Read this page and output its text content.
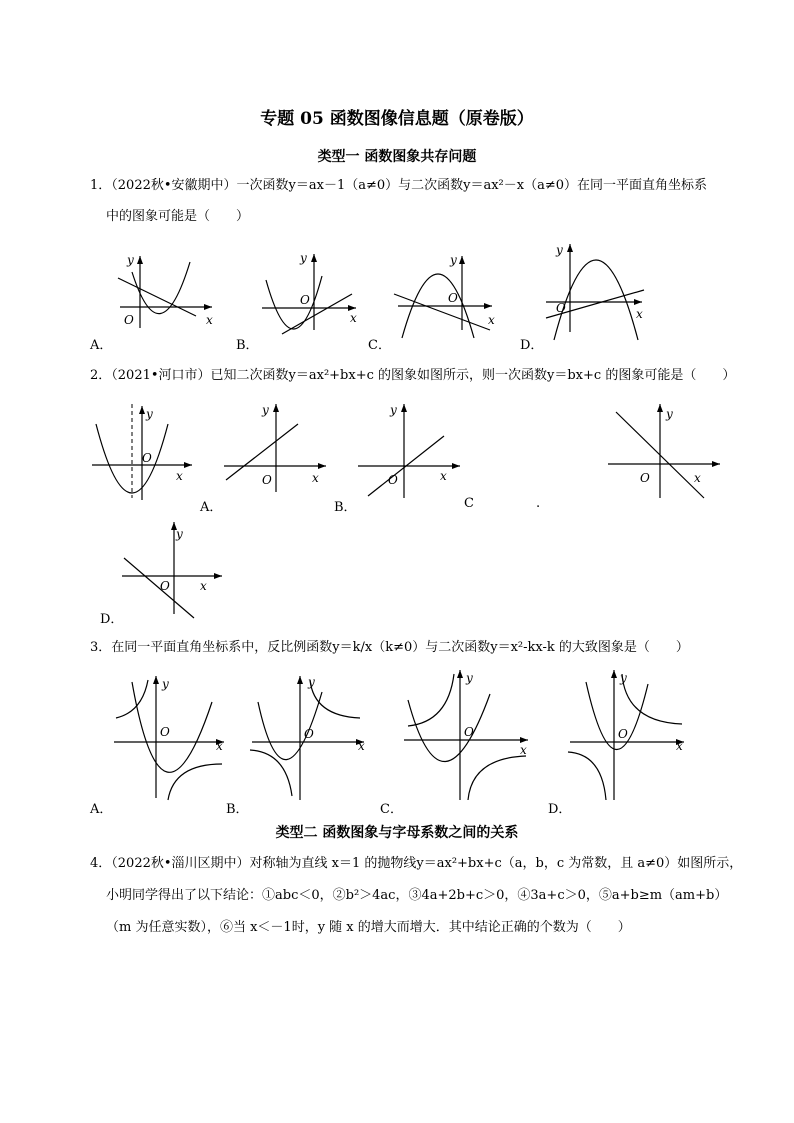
专题 05 函数图像信息题（原卷版）
类型一 函数图象共存问题
1．（2022秋•安徽期中）一次函数y＝ax－1（a≠0）与二次函数y＝ax²－x（a≠0）在同一平面直角坐标系
中的图象可能是（　　）
y
x
O
A．
y
x
O
B．
y
x
O
C．
y
x
O
D．
2．（2021•河口市）已知二次函数y＝ax²+bx+c 的图象如图所示，则一次函数y＝bx+c 的图象可能是（　　）
y
x
O
y
x
O
A．
y
x
O
B．
y
x
O
C	.
y
x
O
D．
3．在同一平面直角坐标系中，反比例函数y＝k/x（k≠0）与二次函数y＝x²-kx-k 的大致图象是（　　）
y
x
O
A．
y
x
O
B．
y
x
O
C．
y
x
O
D．
类型二 函数图象与字母系数之间的关系
4．（2022秋•淄川区期中）对称轴为直线 x＝1 的抛物线y＝ax²+bx+c（a，b，c 为常数，且 a≠0）如图所示，
小明同学得出了以下结论：①abc＜0，②b²＞4ac，③4a+2b+c＞0，④3a+c＞0，⑤a+b≥m（am+b）
（m 为任意实数），⑥当 x＜－1时，y 随 x 的增大而增大．其中结论正确的个数为（　　）
